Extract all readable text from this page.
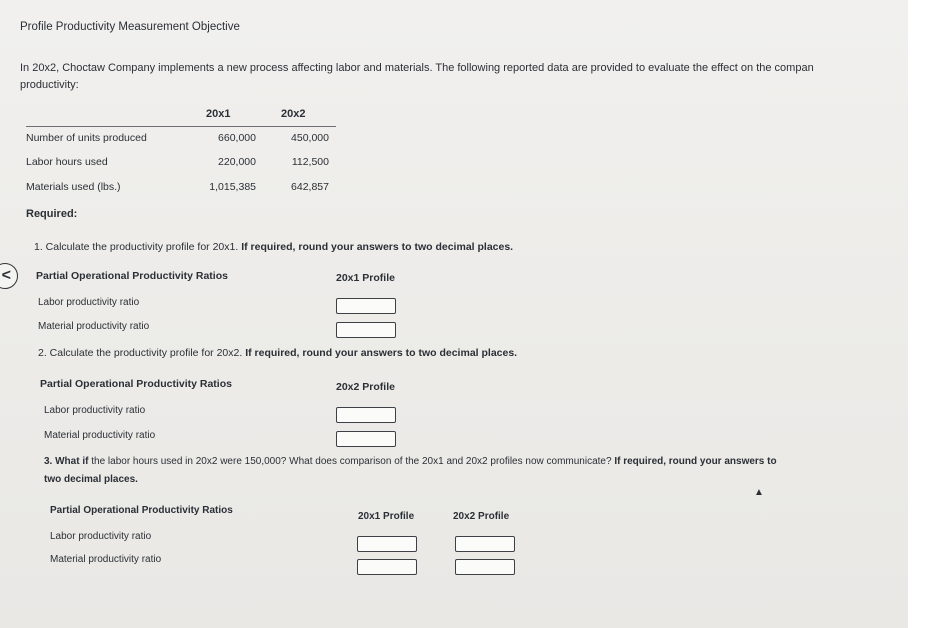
<
Profile Productivity Measurement Objective
In 20x2, Choctaw Company implements a new process affecting labor and materials. The following reported data are provided to evaluate the effect on the compan
productivity:
20x1	20x2
Number of units produced	660,000	450,000
Labor hours used	220,000	112,500
Materials used (lbs.)	1,015,385	642,857
Required:
1. Calculate the productivity profile for 20x1. If required, round your answers to two decimal places.
Partial Operational Productivity Ratios	20x1 Profile
Labor productivity ratio
Material productivity ratio
2. Calculate the productivity profile for 20x2. If required, round your answers to two decimal places.
Partial Operational Productivity Ratios	20x2 Profile
Labor productivity ratio
Material productivity ratio
3. What if the labor hours used in 20x2 were 150,000? What does comparison of the 20x1 and 20x2 profiles now communicate? If required, round your answers to
two decimal places.
▲
Partial Operational Productivity Ratios
20x1 Profile	20x2 Profile
Labor productivity ratio
Material productivity ratio
